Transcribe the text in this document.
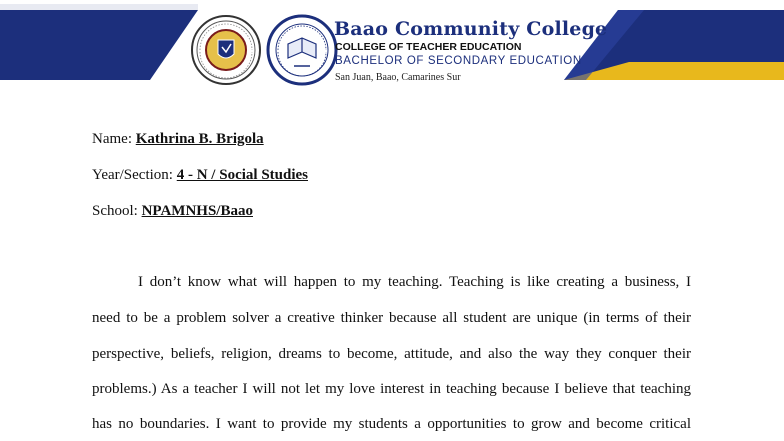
Baao Community College
COLLEGE OF TEACHER EDUCATION
BACHELOR OF SECONDARY EDUCATION
San Juan, Baao, Camarines Sur
Name: Kathrina B. Brigola
Year/Section: 4 - N / Social Studies
School: NPAMNHS/Baao
I don’t know what will happen to my teaching. Teaching is like creating a business, I
need to be a problem solver a creative thinker because all student are unique (in terms of their
perspective, beliefs, religion, dreams to become, attitude, and also the way they conquer their
problems.) As a teacher I will not let my love interest in teaching because I believe that teaching
has no boundaries. I want to provide my students a opportunities to grow and become critical
